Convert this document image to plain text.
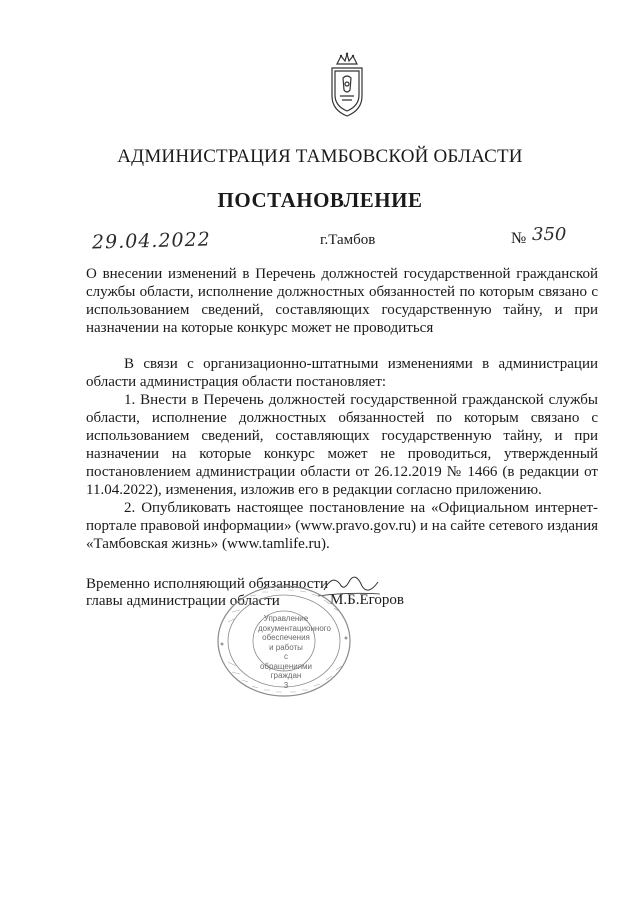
АДМИНИСТРАЦИЯ ТАМБОВСКОЙ ОБЛАСТИ
ПОСТАНОВЛЕНИЕ
29.04.2022	г.Тамбов	№ 350
О внесении изменений в Перечень должностей государственной гражданской службы области, исполнение должностных обязанностей по которым связано с использованием сведений, составляющих государственную тайну, и при назначении на которые конкурс может не проводиться

В связи с организационно-штатными изменениями в администрации области администрация области постановляет:

1. Внести в Перечень должностей государственной гражданской службы области, исполнение должностных обязанностей по которым связано с использованием сведений, составляющих государственную тайну, и при назначении на которые конкурс может не проводиться, утвержденный постановлением администрации области от 26.12.2019 № 1466 (в редакции от 11.04.2022), изменения, изложив его в редакции согласно приложению.

2. Опубликовать настоящее постановление на «Официальном интернет-портале правовой информации» (www.pravo.gov.ru) и на сайте сетевого издания «Тамбовская жизнь» (www.tamlife.ru).

Временно исполняющий обязанности
главы администрации области	М.Б.Егоров
Управление
документационного
обеспечения
и работы
с обращениями
граждан
3
